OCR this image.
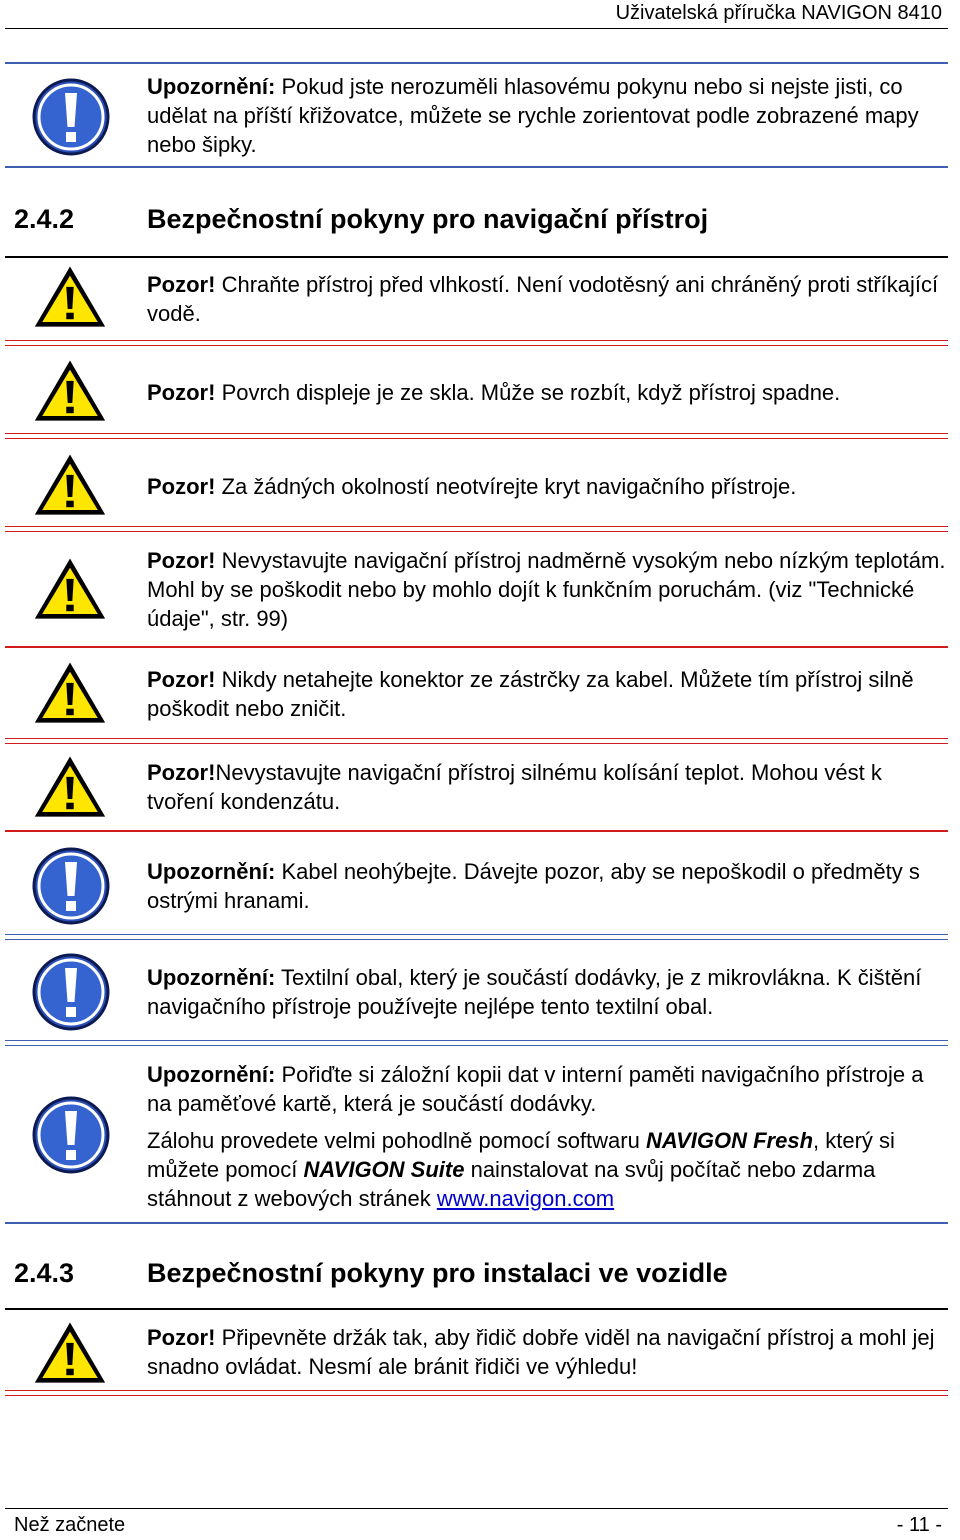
Uživatelská příručka NAVIGON 8410
Upozornění: Pokud jste nerozuměli hlasovému pokynu nebo si nejste jisti, co udělat na příští křižovatce, můžete se rychle zorientovat podle zobrazené mapy nebo šipky.
2.4.2	Bezpečnostní pokyny pro navigační přístroj
Pozor! Chraňte přístroj před vlhkostí. Není vodotěsný ani chráněný proti stříkající vodě.
Pozor! Povrch displeje je ze skla. Může se rozbít, když přístroj spadne.
Pozor! Za žádných okolností neotvírejte kryt navigačního přístroje.
Pozor! Nevystavujte navigační přístroj nadměrně vysokým nebo nízkým teplotám. Mohl by se poškodit nebo by mohlo dojít k funkčním poruchám. (viz "Technické údaje", str. 99)
Pozor! Nikdy netahejte konektor ze zástrčky za kabel. Můžete tím přístroj silně poškodit nebo zničit.
Pozor!Nevystavujte navigační přístroj silnému kolísání teplot. Mohou vést k tvoření kondenzátu.
Upozornění: Kabel neohýbejte. Dávejte pozor, aby se nepoškodil o předměty s ostrými hranami.
Upozornění: Textilní obal, který je součástí dodávky, je z mikrovlákna. K čištění navigačního přístroje používejte nejlépe tento textilní obal.
Upozornění: Pořiďte si záložní kopii dat v interní paměti navigačního přístroje a na paměťové kartě, která je součástí dodávky.
Zálohu provedete velmi pohodlně pomocí softwaru NAVIGON Fresh, který si můžete pomocí NAVIGON Suite nainstalovat na svůj počítač nebo zdarma stáhnout z webových stránek www.navigon.com
2.4.3	Bezpečnostní pokyny pro instalaci ve vozidle
Pozor! Připevněte držák tak, aby řidič dobře viděl na navigační přístroj a mohl jej snadno ovládat. Nesmí ale bránit řidiči ve výhledu!
Než začnete	- 11 -
